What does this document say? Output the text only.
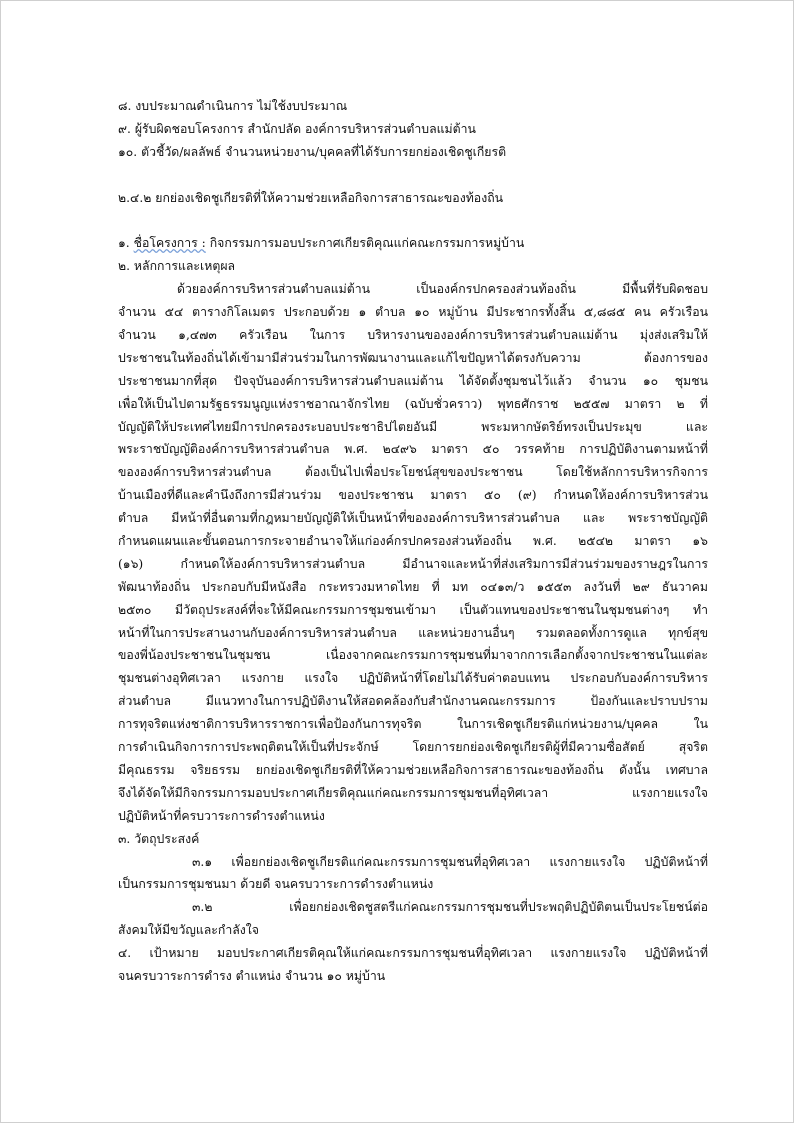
๘. งบประมาณดำเนินการ ไม่ใช้งบประมาณ
๙. ผู้รับผิดชอบโครงการ สำนักปลัด องค์การบริหารส่วนตำบลแม่ต้าน
๑๐. ตัวชี้วัด/ผลลัพธ์ จำนวนหน่วยงาน/บุคคลที่ได้รับการยกย่องเชิดชูเกียรติ
๒.๔.๒ ยกย่องเชิดชูเกียรติที่ให้ความช่วยเหลือกิจการสาธารณะของท้องถิ่น
๑. ชื่อโครงการ : กิจกรรมการมอบประกาศเกียรติคุณแก่คณะกรรมการหมู่บ้าน
๒. หลักการและเหตุผล
ด้วยองค์การบริหารส่วนตำบลแม่ต้าน เป็นองค์กรปกครองส่วนท้องถิ่น มีพื้นที่รับผิดชอบ
จำนวน ๕๔ ตารางกิโลเมตร ประกอบด้วย ๑ ตำบล ๑๐ หมู่บ้าน มีประชากรทั้งสิ้น ๕,๘๘๕ คน ครัวเรือน
จำนวน ๑,๔๗๓ ครัวเรือน ในการ บริหารงานขององค์การบริหารส่วนตำบลแม่ต้าน มุ่งส่งเสริมให้
ประชาชนในท้องถิ่นได้เข้ามามีส่วนร่วมในการพัฒนางานและแก้ไขปัญหาได้ตรงกับความ ต้องการของ
ประชาชนมากที่สุด ปัจจุบันองค์การบริหารส่วนตำบลแม่ต้าน ได้จัดตั้งชุมชนไว้แล้ว จำนวน ๑๐ ชุมชน
เพื่อให้เป็นไปตามรัฐธรรมนูญแห่งราชอาณาจักรไทย (ฉบับชั่วคราว) พุทธศักราช ๒๕๕๗ มาตรา ๒ ที่
บัญญัติให้ประเทศไทยมีการปกครองระบอบประชาธิปไตยอันมี พระมหากษัตริย์ทรงเป็นประมุข และ
พระราชบัญญัติองค์การบริหารส่วนตำบล พ.ศ. ๒๔๙๖ มาตรา ๕๐ วรรคท้าย การปฏิบัติงานตามหน้าที่
ขององค์การบริหารส่วนตำบล ต้องเป็นไปเพื่อประโยชน์สุขของประชาชน โดยใช้หลักการบริหารกิจการ
บ้านเมืองที่ดีและคำนึงถึงการมีส่วนร่วม ของประชาชน มาตรา ๕๐ (๙) กำหนดให้องค์การบริหารส่วน
ตำบล มีหน้าที่อื่นตามที่กฎหมายบัญญัติให้เป็นหน้าที่ขององค์การบริหารส่วนตำบล และ พระราชบัญญัติ
กำหนดแผนและขั้นตอนการกระจายอำนาจให้แก่องค์กรปกครองส่วนท้องถิ่น พ.ศ. ๒๕๔๒ มาตรา ๑๖
(๑๖) กำหนดให้องค์การบริหารส่วนตำบล มีอำนาจและหน้าที่ส่งเสริมการมีส่วนร่วมของราษฎรในการ
พัฒนาท้องถิ่น ประกอบกับมีหนังสือ กระทรวงมหาดไทย ที่ มท ๐๔๑๓/ว ๑๕๕๓ ลงวันที่ ๒๙ ธันวาคม
๒๕๓๐ มีวัตถุประสงค์ที่จะให้มีคณะกรรมการชุมชนเข้ามา เป็นตัวแทนของประชาชนในชุมชนต่างๆ ทำ
หน้าที่ในการประสานงานกับองค์การบริหารส่วนตำบล และหน่วยงานอื่นๆ รวมตลอดทั้งการดูแล ทุกข์สุข
ของพี่น้องประชาชนในชุมชน เนื่องจากคณะกรรมการชุมชนที่มาจากการเลือกตั้งจากประชาชนในแต่ละ
ชุมชนต่างอุทิศเวลา แรงกาย แรงใจ ปฏิบัติหน้าที่โดยไม่ได้รับค่าตอบแทน ประกอบกับองค์การบริหาร
ส่วนตำบล มีแนวทางในการปฏิบัติงานให้สอดคล้องกับสำนักงานคณะกรรมการ ป้องกันและปราบปราม
การทุจริตแห่งชาติการบริหารราชการเพื่อป้องกันการทุจริต ในการเชิดชูเกียรติแก่หน่วยงาน/บุคคล ใน
การดำเนินกิจการการประพฤติตนให้เป็นที่ประจักษ์ โดยการยกย่องเชิดชูเกียรติผู้ที่มีความซื่อสัตย์ สุจริต
มีคุณธรรม จริยธรรม ยกย่องเชิดชูเกียรติที่ให้ความช่วยเหลือกิจการสาธารณะของท้องถิ่น ดังนั้น เทศบาล
จึงได้จัดให้มีกิจกรรมการมอบประกาศเกียรติคุณแก่คณะกรรมการชุมชนที่อุทิศเวลา แรงกายแรงใจ
ปฏิบัติหน้าที่ครบวาระการดำรงตำแหน่ง
๓. วัตถุประสงค์
๓.๑ เพื่อยกย่องเชิดชูเกียรติแก่คณะกรรมการชุมชนที่อุทิศเวลา แรงกายแรงใจ ปฏิบัติหน้าที่
เป็นกรรมการชุมชนมา ด้วยดี จนครบวาระการดำรงตำแหน่ง
๓.๒ เพื่อยกย่องเชิดชูสตรีแก่คณะกรรมการชุมชนที่ประพฤติปฏิบัติตนเป็นประโยชน์ต่อ
สังคมให้มีขวัญและกำลังใจ
๔. เป้าหมาย มอบประกาศเกียรติคุณให้แก่คณะกรรมการชุมชนที่อุทิศเวลา แรงกายแรงใจ ปฏิบัติหน้าที่
จนครบวาระการดำรง ตำแหน่ง จำนวน ๑๐ หมู่บ้าน
